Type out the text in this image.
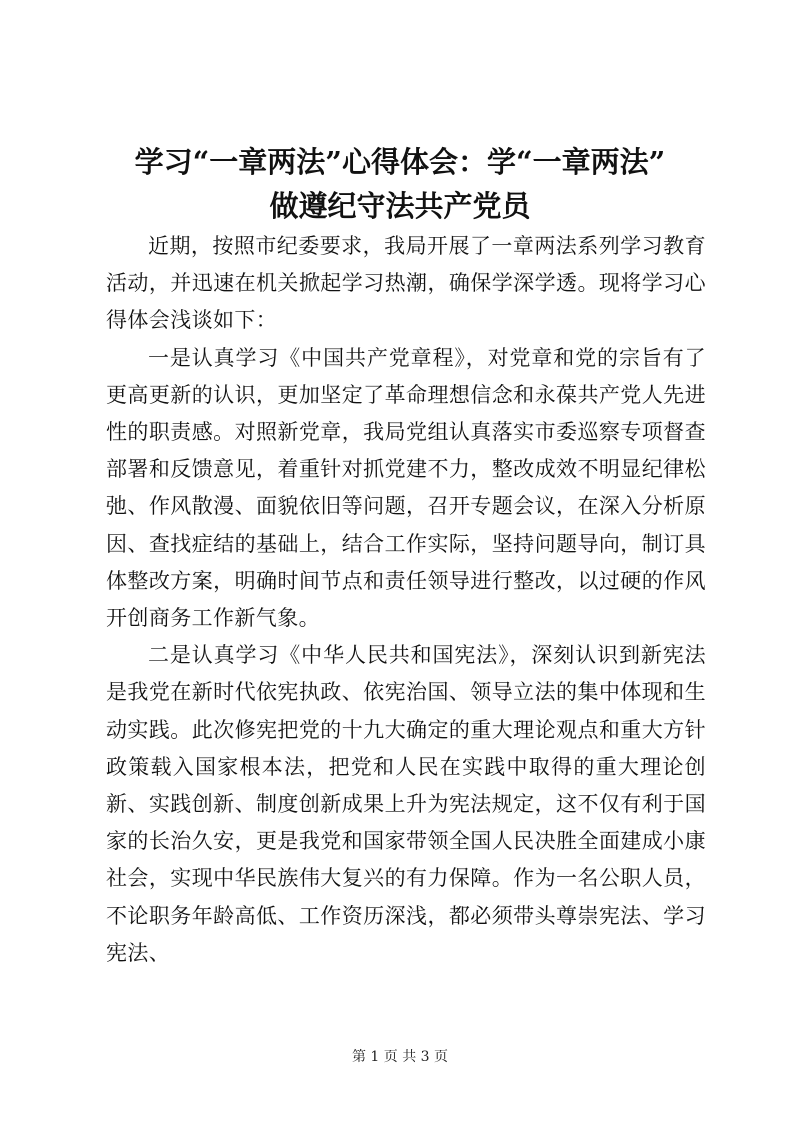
学习“一章两法”心得体会：学“一章两法”
做遵纪守法共产党员

近期，按照市纪委要求，我局开展了一章两法系列学习教育活动，并迅速在机关掀起学习热潮，确保学深学透。现将学习心得体会浅谈如下：

一是认真学习《中国共产党章程》，对党章和党的宗旨有了更高更新的认识，更加坚定了革命理想信念和永葆共产党人先进性的职责感。对照新党章，我局党组认真落实市委巡察专项督查部署和反馈意见，着重针对抓党建不力，整改成效不明显纪律松弛、作风散漫、面貌依旧等问题，召开专题会议，在深入分析原因、查找症结的基础上，结合工作实际，坚持问题导向，制订具体整改方案，明确时间节点和责任领导进行整改，以过硬的作风开创商务工作新气象。

二是认真学习《中华人民共和国宪法》，深刻认识到新宪法是我党在新时代依宪执政、依宪治国、领导立法的集中体现和生动实践。此次修宪把党的十九大确定的重大理论观点和重大方针政策载入国家根本法，把党和人民在实践中取得的重大理论创新、实践创新、制度创新成果上升为宪法规定，这不仅有利于国家的长治久安，更是我党和国家带领全国人民决胜全面建成小康社会，实现中华民族伟大复兴的有力保障。作为一名公职人员，不论职务年龄高低、工作资历深浅，都必须带头尊崇宪法、学习宪法、

第 1 页 共 3 页
